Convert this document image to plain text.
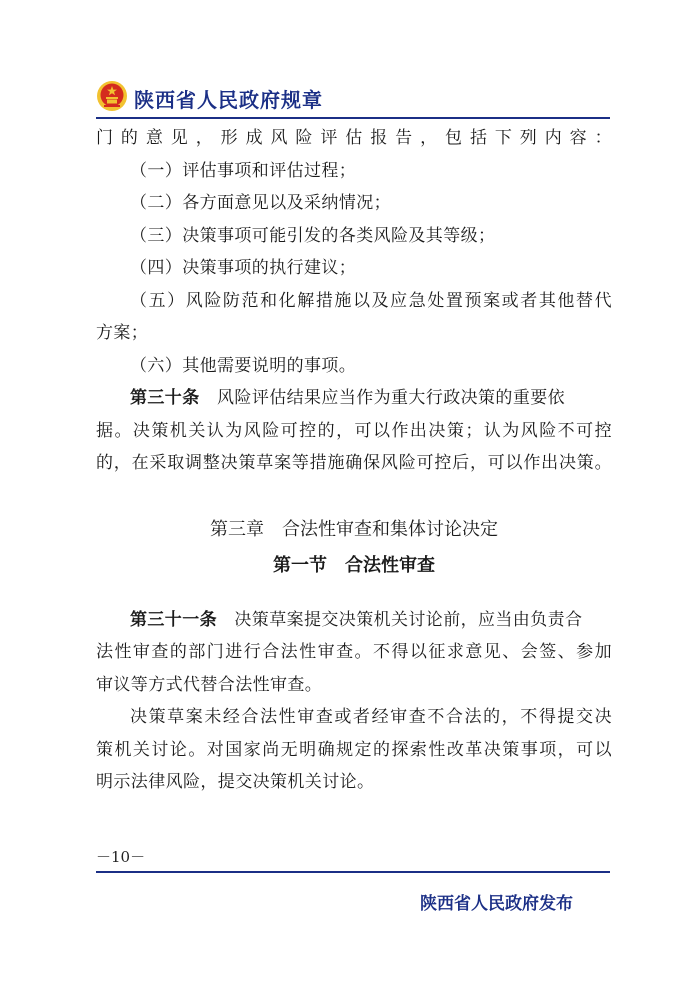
陕西省人民政府规章
门的意见，形成风险评估报告，包括下列内容：
（一）评估事项和评估过程；
（二）各方面意见以及采纳情况；
（三）决策事项可能引发的各类风险及其等级；
（四）决策事项的执行建议；
（五）风险防范和化解措施以及应急处置预案或者其他替代
方案；
（六）其他需要说明的事项。
第三十条　 风险评估结果应当作为重大行政决策的重要依
据。决策机关认为风险可控的，可以作出决策；认为风险不可控
的，在采取调整决策草案等措施确保风险可控后，可以作出决策。
第三章　合法性审查和集体讨论决定
第一节　合法性审查
第三十一条　 决策草案提交决策机关讨论前，应当由负责合
法性审查的部门进行合法性审查。不得以征求意见、会签、参加
审议等方式代替合法性审查。
决策草案未经合法性审查或者经审查不合法的，不得提交决
策机关讨论。对国家尚无明确规定的探索性改革决策事项，可以
明示法律风险，提交决策机关讨论。
－10－
陕西省人民政府发布
